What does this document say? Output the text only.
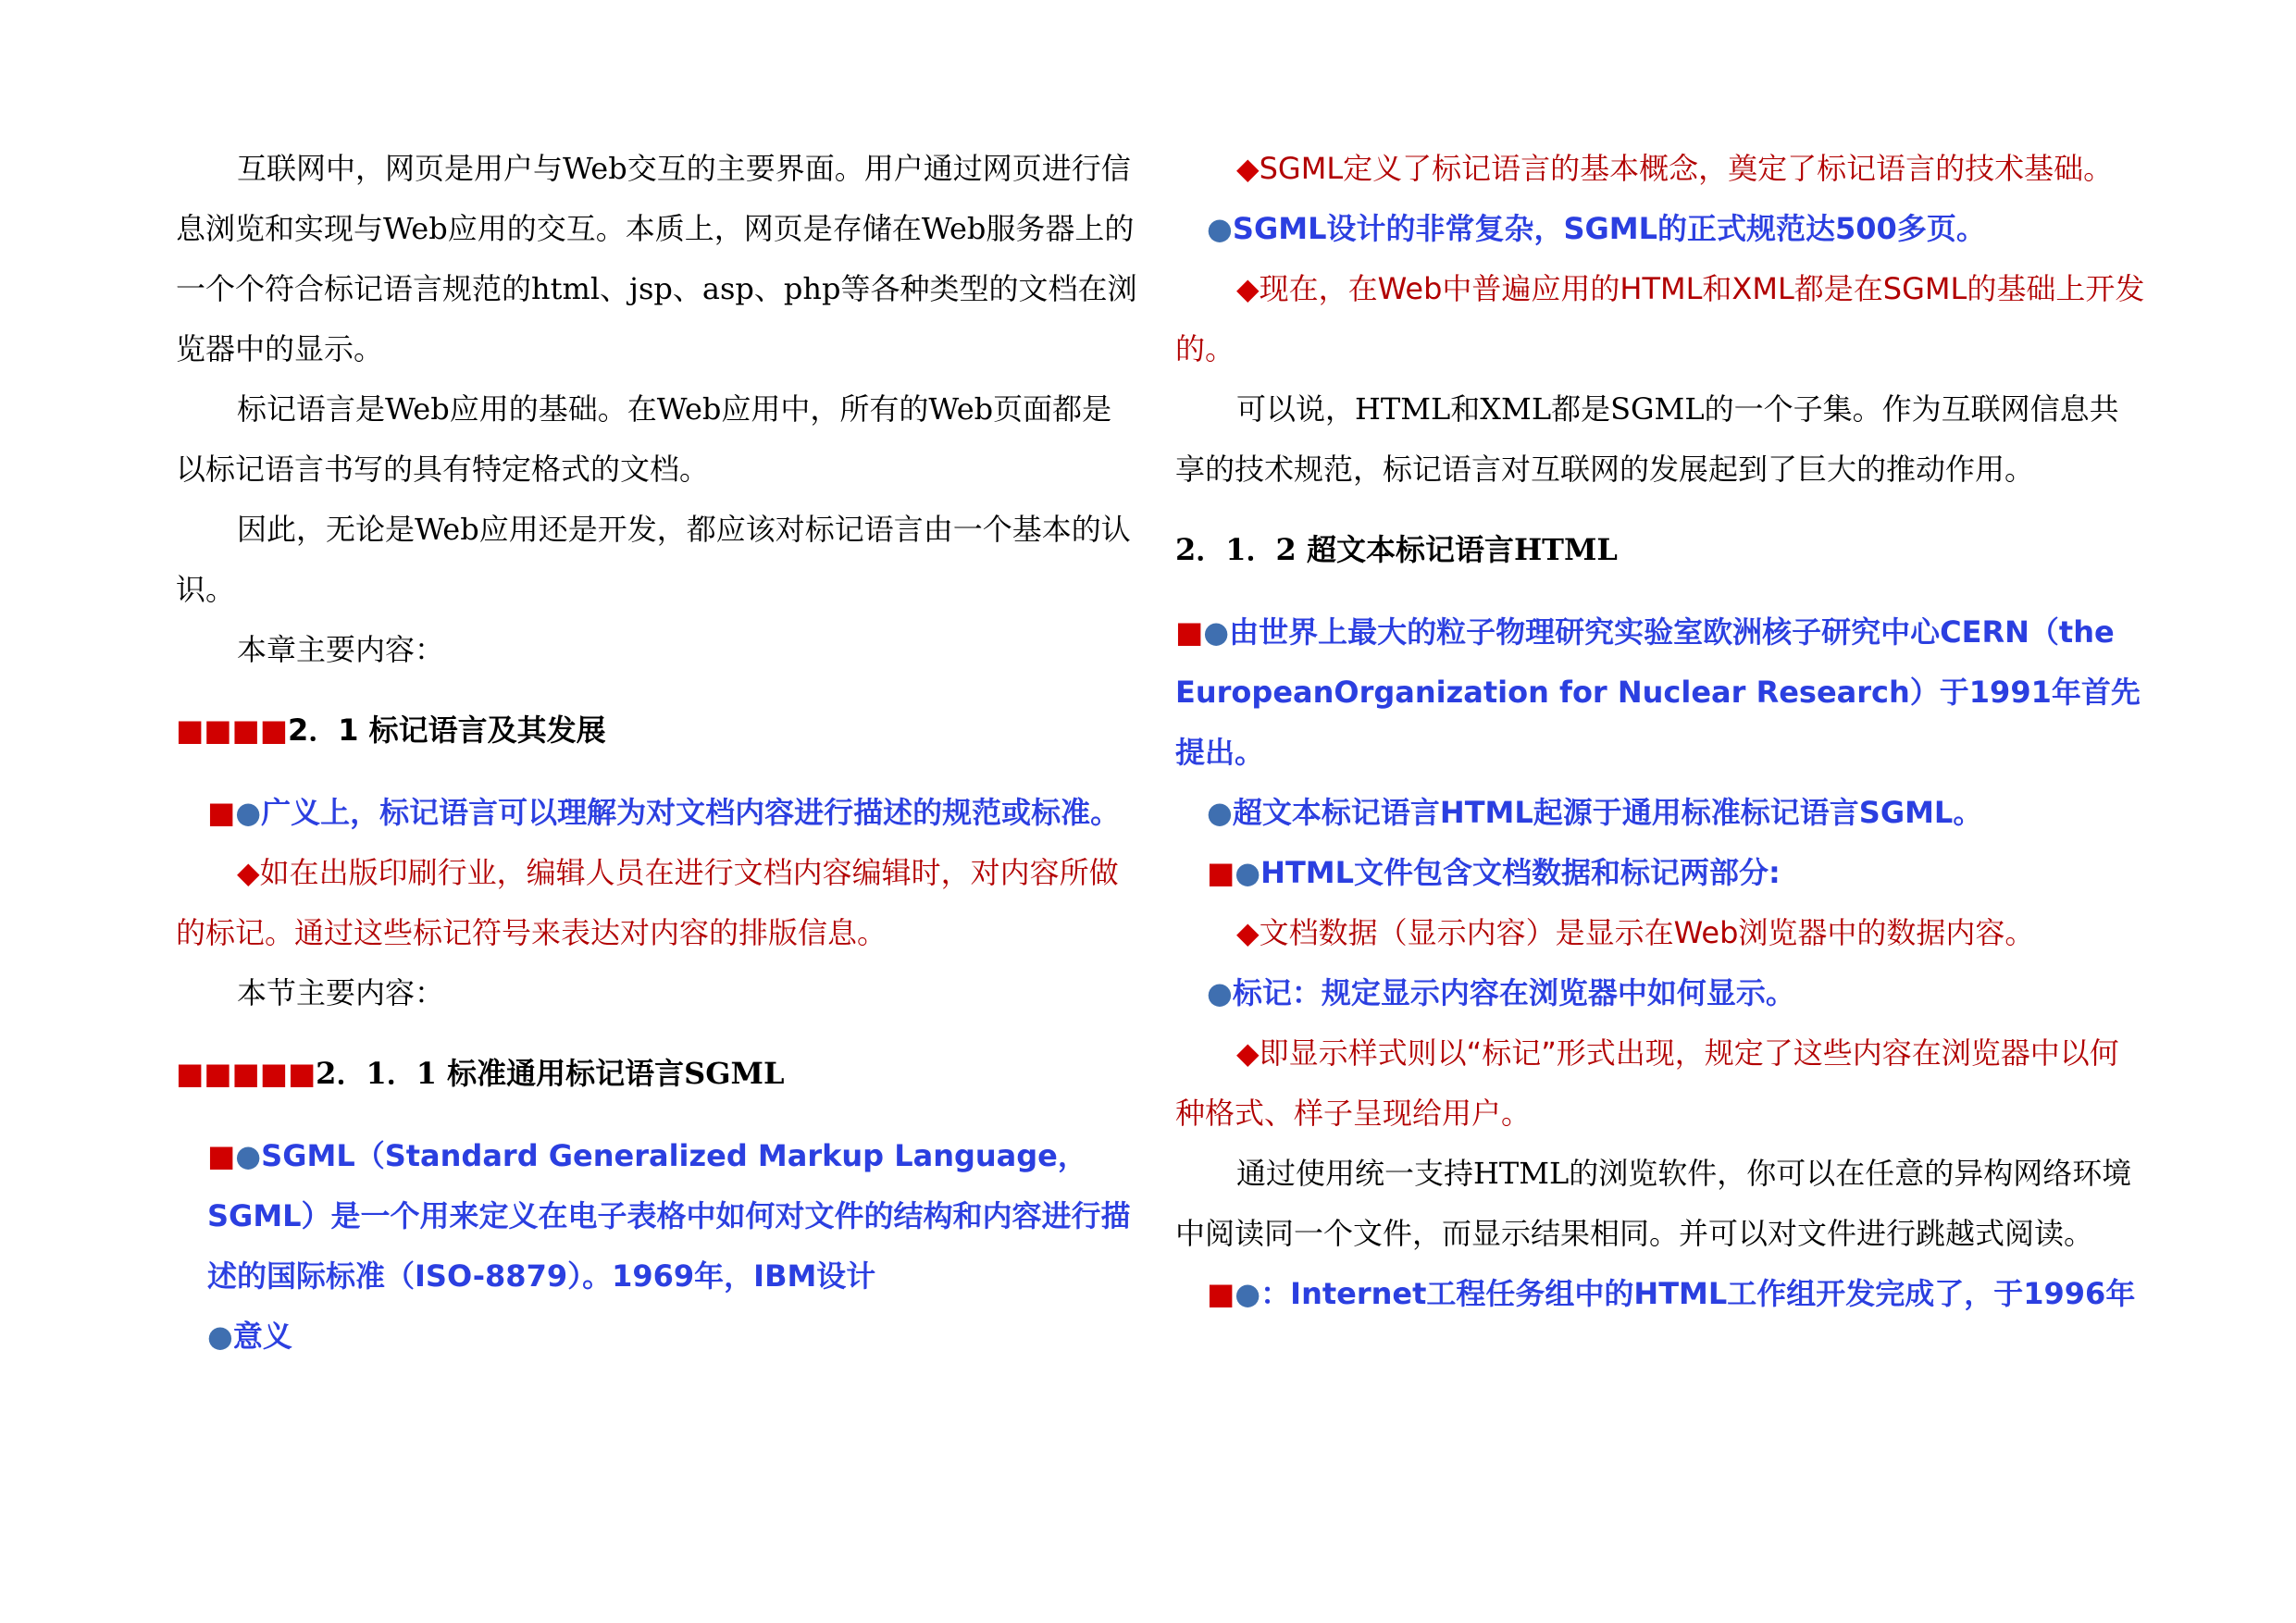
互联网中，网页是用户与Web交互的主要界面。用户通过网页进行信息浏览和实现与Web应用的交互。本质上，网页是存储在Web服务器上的一个个符合标记语言规范的html、jsp、asp、php等各种类型的文档在浏览器中的显示。

标记语言是Web应用的基础。在Web应用中，所有的Web页面都是以标记语言书写的具有特定格式的文档。

因此，无论是Web应用还是开发，都应该对标记语言由一个基本的认识。

本章主要内容：

■■■■2．1 标记语言及其发展

■●广义上，标记语言可以理解为对文档内容进行描述的规范或标准。

◆如在出版印刷行业，编辑人员在进行文档内容编辑时，对内容所做的标记。通过这些标记符号来表达对内容的排版信息。

本节主要内容：

■■■■■2．1．1 标准通用标记语言SGML

■●SGML（Standard Generalized Markup Language，SGML）是一个用来定义在电子表格中如何对文件的结构和内容进行描述的国际标准（ISO-8879）。1969年，IBM设计

●意义

◆SGML定义了标记语言的基本概念，奠定了标记语言的技术基础。

●SGML设计的非常复杂，SGML的正式规范达500多页。

◆现在，在Web中普遍应用的HTML和XML都是在SGML的基础上开发的。

可以说，HTML和XML都是SGML的一个子集。作为互联网信息共享的技术规范，标记语言对互联网的发展起到了巨大的推动作用。

2．1．2 超文本标记语言HTML

■●由世界上最大的粒子物理研究实验室欧洲核子研究中心CERN（the EuropeanOrganization for Nuclear Research）于1991年首先提出。

●超文本标记语言HTML起源于通用标准标记语言SGML。

■●HTML文件包含文档数据和标记两部分:

◆文档数据（显示内容）是显示在Web浏览器中的数据内容。

●标记：规定显示内容在浏览器中如何显示。

◆即显示样式则以“标记”形式出现，规定了这些内容在浏览器中以何种格式、样子呈现给用户。

通过使用统一支持HTML的浏览软件，你可以在任意的异构网络环境中阅读同一个文件，而显示结果相同。并可以对文件进行跳越式阅读。

■●：Internet工程任务组中的HTML工作组开发完成了，于1996年
